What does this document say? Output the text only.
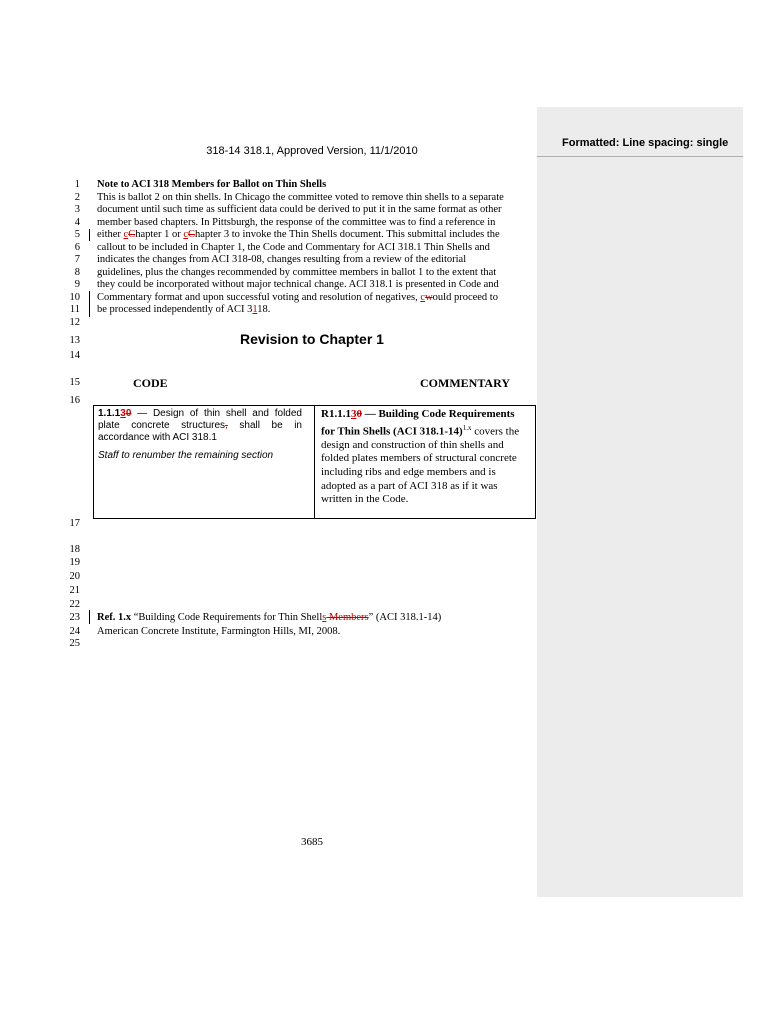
Formatted: Line spacing: single
318-14 318.1, Approved Version, 11/1/2010
1
2
3
4
5
6
7
8
9
10
11
12
13
14
15
16
17
18
19
20
21
22
23
24
25
Note to ACI 318 Members for Ballot on Thin Shells
This is ballot 2 on thin shells. In Chicago the committee voted to remove thin shells to a separate
document until such time as sufficient data could be derived to put it in the same format as other
member based chapters. In Pittsburgh, the response of the committee was to find a reference in
either cChapter 1 or cChapter 3 to invoke the Thin Shells document. This submittal includes the
callout to be included in Chapter 1, the Code and Commentary for ACI 318.1 Thin Shells and
indicates the changes from ACI 318-08, changes resulting from a review of the editorial
guidelines, plus the changes recommended by committee members in ballot 1 to the extent that
they could be incorporated without major technical change. ACI 318.1 is presented in Code and
Commentary format and upon successful voting and resolution of negatives, cwould proceed to
be processed independently of ACI 3118.
Revision to Chapter 1
CODE	COMMENTARY
1.1.130 — Design of thin shell and folded plate concrete structures, shall be in accordance with ACI 318.1
Staff to renumber the remaining section
R1.1.130 — Building Code Requirements for Thin Shells (ACI 318.1-14)$^{1.x}$ covers the design and construction of thin shells and folded plates members of structural concrete including ribs and edge members and is adopted as a part of ACI 318 as if it was written in the Code.
Ref. 1.x “Building Code Requirements for Thin Shells Members” (ACI 318.1-14)
American Concrete Institute, Farmington Hills, MI, 2008.
3685
